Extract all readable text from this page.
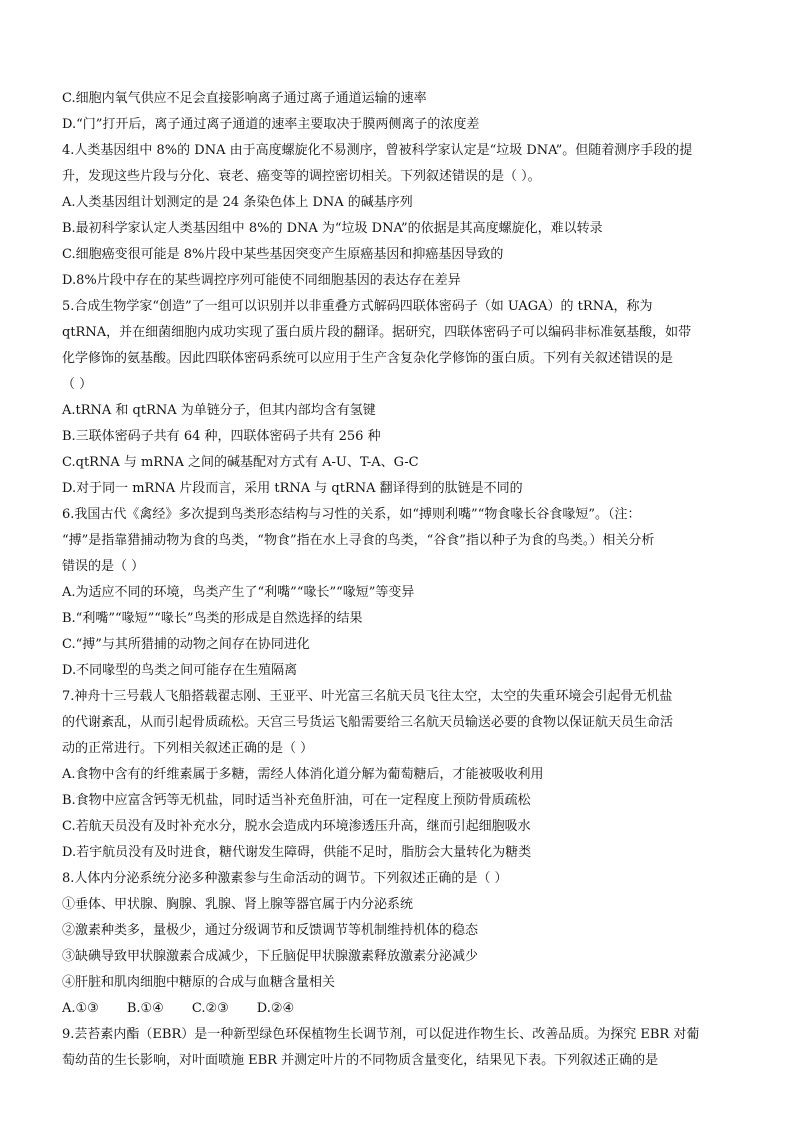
C.细胞内氧气供应不足会直接影响离子通过离子通道运输的速率
D.“门”打开后，离子通过离子通道的速率主要取决于膜两侧离子的浓度差
4.人类基因组中 8%的 DNA 由于高度螺旋化不易测序，曾被科学家认定是“垃圾 DNA”。但随着测序手段的提
升，发现这些片段与分化、衰老、癌变等的调控密切相关。下列叙述错误的是（ ）。
A.人类基因组计划测定的是 24 条染色体上 DNA 的碱基序列
B.最初科学家认定人类基因组中 8%的 DNA 为“垃圾 DNA”的依据是其高度螺旋化，难以转录
C.细胞癌变很可能是 8%片段中某些基因突变产生原癌基因和抑癌基因导致的
D.8%片段中存在的某些调控序列可能使不同细胞基因的表达存在差异
5.合成生物学家“创造”了一组可以识别并以非重叠方式解码四联体密码子（如 UAGA）的 tRNA，称为
qtRNA，并在细菌细胞内成功实现了蛋白质片段的翻译。据研究，四联体密码子可以编码非标准氨基酸，如带
化学修饰的氨基酸。因此四联体密码系统可以应用于生产含复杂化学修饰的蛋白质。下列有关叙述错误的是
（ ）
A.tRNA 和 qtRNA 为单链分子，但其内部均含有氢键
B.三联体密码子共有 64 种，四联体密码子共有 256 种
C.qtRNA 与 mRNA 之间的碱基配对方式有 A-U、T-A、G-C
D.对于同一 mRNA 片段而言，采用 tRNA 与 qtRNA 翻译得到的肽链是不同的
6.我国古代《禽经》多次提到鸟类形态结构与习性的关系，如“搏则利嘴”“物食喙长谷食喙短”。（注：
“搏”是指靠猎捕动物为食的鸟类，“物食”指在水上寻食的鸟类，“谷食”指以种子为食的鸟类。）相关分析
错误的是（ ）
A.为适应不同的环境，鸟类产生了“利嘴”“喙长”“喙短”等变异
B.“利嘴”“喙短”“喙长”鸟类的形成是自然选择的结果
C.“搏”与其所猎捕的动物之间存在协同进化
D.不同喙型的鸟类之间可能存在生殖隔离
7.神舟十三号载人飞船搭载翟志刚、王亚平、叶光富三名航天员飞往太空，太空的失重环境会引起骨无机盐
的代谢紊乱，从而引起骨质疏松。天宫三号货运飞船需要给三名航天员输送必要的食物以保证航天员生命活
动的正常进行。下列相关叙述正确的是（ ）
A.食物中含有的纤维素属于多糖，需经人体消化道分解为葡萄糖后，才能被吸收利用
B.食物中应富含钙等无机盐，同时适当补充鱼肝油，可在一定程度上预防骨质疏松
C.若航天员没有及时补充水分，脱水会造成内环境渗透压升高，继而引起细胞吸水
D.若宇航员没有及时进食，糖代谢发生障碍，供能不足时，脂肪会大量转化为糖类
8.人体内分泌系统分泌多种激素参与生命活动的调节。下列叙述正确的是（ ）
①垂体、甲状腺、胸腺、乳腺、肾上腺等器官属于内分泌系统
②激素种类多，量极少，通过分级调节和反馈调节等机制维持机体的稳态
③缺碘导致甲状腺激素合成减少，下丘脑促甲状腺激素释放激素分泌减少
④肝脏和肌肉细胞中糖原的合成与血糖含量相关
A.①③ B.①④ C.②③ D.②④
9.芸苔素内酯（EBR）是一种新型绿色环保植物生长调节剂，可以促进作物生长、改善品质。为探究 EBR 对葡
萄幼苗的生长影响，对叶面喷施 EBR 并测定叶片的不同物质含量变化，结果见下表。下列叙述正确的是
